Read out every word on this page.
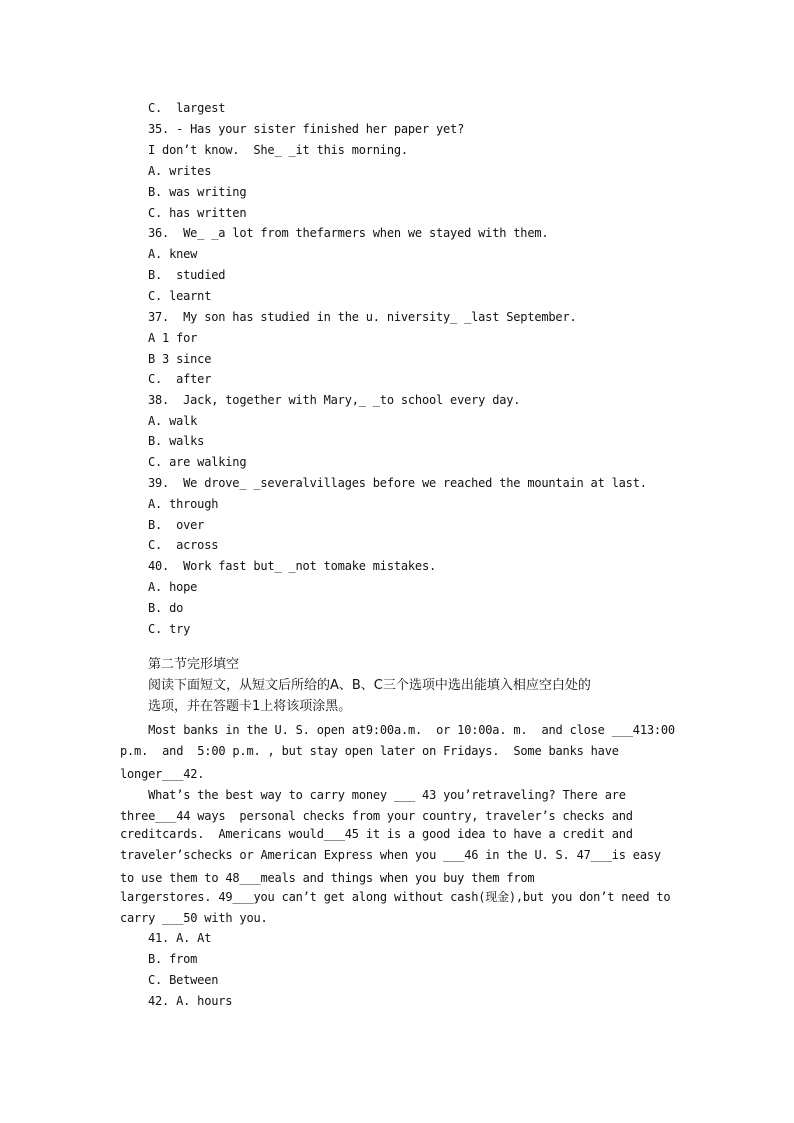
C.  largest
35. - Has your sister finished her paper yet?
I don’t know.  She_ _it this morning.
A. writes
B. was writing
C. has written
36.  We_ _a lot from thefarmers when we stayed with them.
A. knew
B.  studied
C. learnt
37.  My son has studied in the u. niversity_ _last September.
A 1 for
B 3 since
C.  after
38.  Jack, together with Mary,_ _to school every day.
A. walk
B. walks
C. are walking
39.  We drove_ _severalvillages before we reached the mountain at last.
A. through
B.  over
C.  across
40.  Work fast but_ _not tomake mistakes.
A. hope
B. do
C. try
第二节完形填空
阅读下面短文，从短文后所给的A、B、C三个选项中选出能填入相应空白处的
选项，并在答题卡1上将该项涂黑。
Most banks in the U. S. open at9:00a.m.  or 10:00a. m.  and close ___413:00
p.m.  and  5:00 p.m. , but stay open later on Fridays.  Some banks have
longer___42.
What’s the best way to carry money ___ 43 you’retraveling? There are
three___44 ways  personal checks from your country, traveler’s checks and
creditcards.  Americans would___45 it is a good idea to have a credit and
traveler’schecks or American Express when you ___46 in the U. S. 47___is easy
to use them to 48___meals and things when you buy them from
largerstores. 49___you can’t get along without cash(现金),but you don’t need to
carry ___50 with you.
41. A. At
B. from
C. Between
42. A. hours
